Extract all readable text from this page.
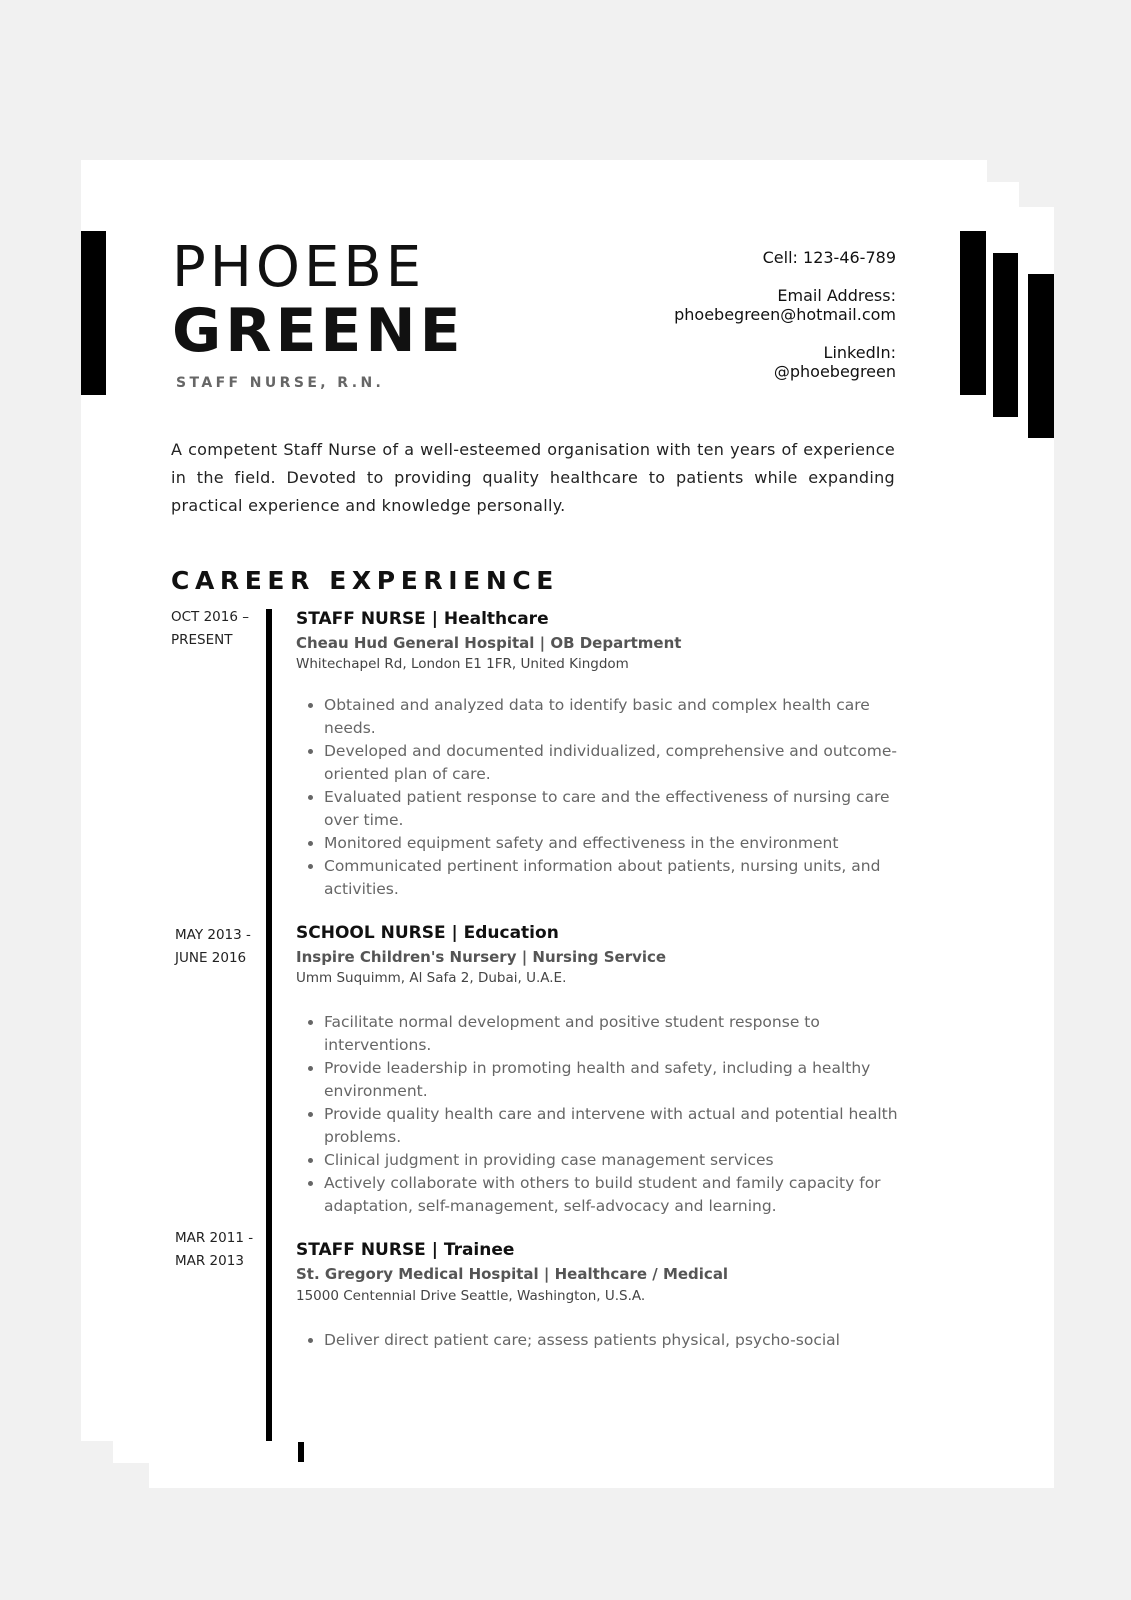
PHOEBE
GREENE
STAFF NURSE, R.N.
Cell: 123-46-789
Email Address:
phoebegreen@hotmail.com
LinkedIn:
@phoebegreen
A competent Staff Nurse of a well-esteemed organisation with ten years of experience in the field. Devoted to providing quality healthcare to patients while expanding practical experience and knowledge personally.
CAREER EXPERIENCE
OCT 2016 –
PRESENT
STAFF NURSE | Healthcare
Cheau Hud General Hospital | OB Department
Whitechapel Rd, London E1 1FR, United Kingdom
• Obtained and analyzed data to identify basic and complex health care needs.
• Developed and documented individualized, comprehensive and outcome-oriented plan of care.
• Evaluated patient response to care and the effectiveness of nursing care over time.
• Monitored equipment safety and effectiveness in the environment
• Communicated pertinent information about patients, nursing units, and activities.
MAY 2013 -
JUNE 2016
SCHOOL NURSE | Education
Inspire Children's Nursery | Nursing Service
Umm Suquimm, Al Safa 2, Dubai, U.A.E.
• Facilitate normal development and positive student response to interventions.
• Provide leadership in promoting health and safety, including a healthy environment.
• Provide quality health care and intervene with actual and potential health problems.
• Clinical judgment in providing case management services
• Actively collaborate with others to build student and family capacity for adaptation, self-management, self-advocacy and learning.
MAR 2011 -
MAR 2013
STAFF NURSE | Trainee
St. Gregory Medical Hospital | Healthcare / Medical
15000 Centennial Drive Seattle, Washington, U.S.A.
• Deliver direct patient care; assess patients physical, psycho-social
